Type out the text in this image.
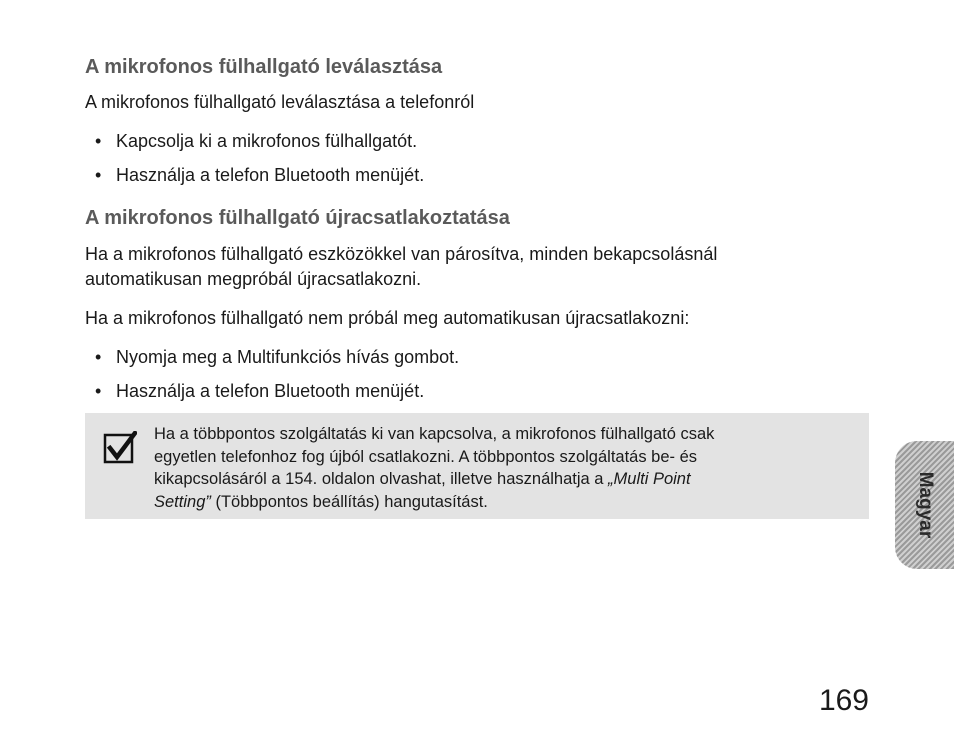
A mikrofonos fülhallgató leválasztása

A mikrofonos fülhallgató leválasztása a telefonról

• Kapcsolja ki a mikrofonos fülhallgatót.
• Használja a telefon Bluetooth menüjét.
A mikrofonos fülhallgató újracsatlakoztatása

Ha a mikrofonos fülhallgató eszközökkel van párosítva, minden bekapcsolásnál
automatikusan megpróbál újracsatlakozni.

Ha a mikrofonos fülhallgató nem próbál meg automatikusan újracsatlakozni:

• Nyomja meg a Multifunkciós hívás gombot.
• Használja a telefon Bluetooth menüjét.

Ha a többpontos szolgáltatás ki van kapcsolva, a mikrofonos fülhallgató csak
egyetlen telefonhoz fog újból csatlakozni. A többpontos szolgáltatás be- és
kikapcsolásáról a 154. oldalon olvashat, illetve használhatja a „Multi Point
Setting” (Többpontos beállítás) hangutasítást.	Magyar
169
